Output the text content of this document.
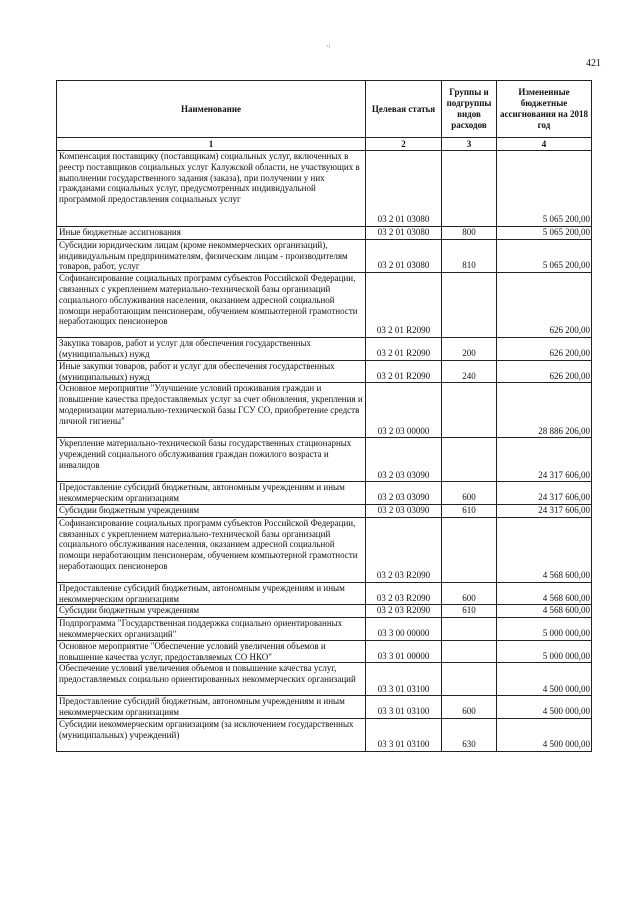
·ʲ
421
Наименование	Целевая статья	Группы и подгруппы видов расходов	Измененные бюджетные ассигнования на 2018 год
1	2	3	4
Компенсация поставщику (поставщикам) социальных услуг, включенных в реестр поставщиков социальных услуг Калужской области, не участвующих в выполнении государственного задания (заказа), при получении у них гражданами социальных услуг, предусмотренных индивидуальной программой предоставления социальных услуг	03 2 01 03080		5 065 200,00
Иные бюджетные ассигнования	03 2 01 03080	800	5 065 200,00
Субсидии юридическим лицам (кроме некоммерческих организаций), индивидуальным предпринимателям, физическим лицам - производителям товаров, работ, услуг	03 2 01 03080	810	5 065 200,00
Софинансирование социальных программ субъектов Российской Федерации, связанных с укреплением материально-технической базы организаций социального обслуживания населения, оказанием адресной социальной помощи неработающим пенсионерам, обучением компьютерной грамотности неработающих пенсионеров	03 2 01 R2090		626 200,00
Закупка товаров, работ и услуг для обеспечения государственных (муниципальных) нужд	03 2 01 R2090	200	626 200,00
Иные закупки товаров, работ и услуг для обеспечения государственных (муниципальных) нужд	03 2 01 R2090	240	626 200,00
Основное мероприятие "Улучшение условий проживания граждан и повышение качества предоставляемых услуг за счет обновления, укрепления и модернизации материально-технической базы ГСУ СО, приобретение средств личной гигиены"	03 2 03 00000		28 886 206,00
Укрепление материально-технической базы государственных стационарных учреждений социального обслуживания граждан пожилого возраста и инвалидов	03 2 03 03090		24 317 606,00
Предоставление субсидий бюджетным, автономным учреждениям и иным некоммерческим организациям	03 2 03 03090	600	24 317 606,00
Субсидии бюджетным учреждениям	03 2 03 03090	610	24 317 606,00
Софинансирование социальных программ субъектов Российской Федерации, связанных с укреплением материально-технической базы организаций социального обслуживания населения, оказанием адресной социальной помощи неработающим пенсионерам, обучением компьютерной грамотности неработающих пенсионеров	03 2 03 R2090		4 568 600,00
Предоставление субсидий бюджетным, автономным учреждениям и иным некоммерческим организациям	03 2 03 R2090	600	4 568 600,00
Субсидии бюджетным учреждениям	03 2 03 R2090	610	4 568 600,00
Подпрограмма "Государственная поддержка социально ориентированных некоммерческих организаций"	03 3 00 00000		5 000 000,00
Основное мероприятие "Обеспечение условий увеличения объемов и повышение качества услуг, предоставляемых СО НКО"	03 3 01 00000		5 000 000,00
Обеспечение условий увеличения объемов и повышение качества услуг, предоставляемых социально ориентированных некоммерческих организаций	03 3 01 03100		4 500 000,00
Предоставление субсидий бюджетным, автономным учреждениям и иным некоммерческим организациям	03 3 01 03100	600	4 500 000,00
Субсидии некоммерческим организациям (за исключением государственных (муниципальных) учреждений)	03 3 01 03100	630	4 500 000,00
